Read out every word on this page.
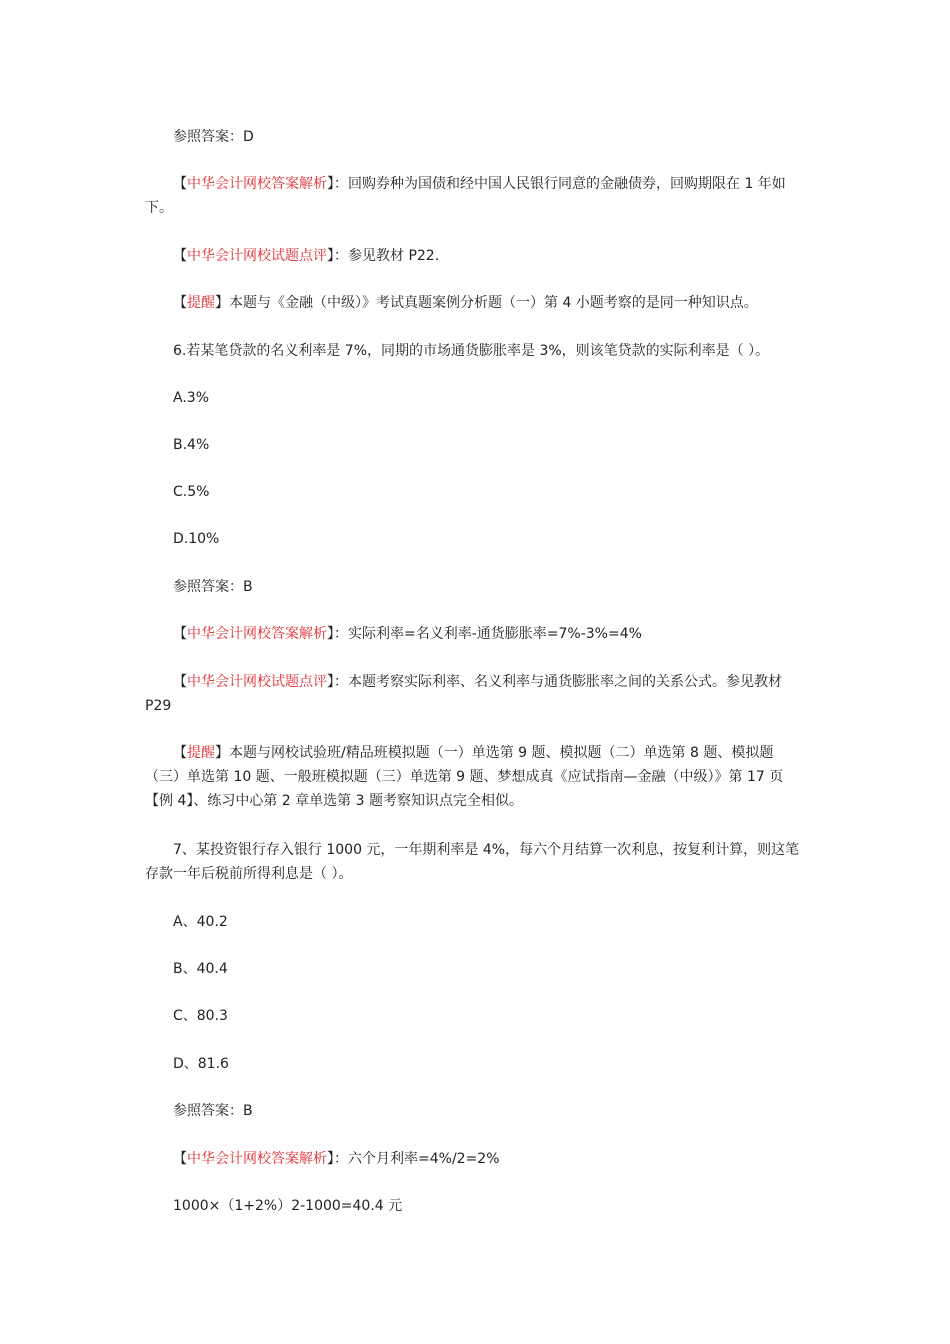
参照答案：D

【中华会计网校答案解析】：回购券种为国债和经中国人民银行同意的金融债券，回购期限在 1 年如下。

【中华会计网校试题点评】：参见教材 P22.

【提醒】本题与《金融（中级）》考试真题案例分析题（一）第 4 小题考察的是同一种知识点。

6.若某笔贷款的名义利率是 7%，同期的市场通货膨胀率是 3%，则该笔贷款的实际利率是（ ）。

A.3%

B.4%

C.5%

D.10%

参照答案：B

【中华会计网校答案解析】：实际利率=名义利率-通货膨胀率=7%-3%=4%

【中华会计网校试题点评】：本题考察实际利率、名义利率与通货膨胀率之间的关系公式。参见教材 P29

【提醒】本题与网校试验班/精品班模拟题（一）单选第 9 题、模拟题（二）单选第 8 题、模拟题（三）单选第 10 题、一般班模拟题（三）单选第 9 题、梦想成真《应试指南—金融（中级）》第 17 页【例 4】、练习中心第 2 章单选第 3 题考察知识点完全相似。

7、某投资银行存入银行 1000 元，一年期利率是 4%，每六个月结算一次利息，按复利计算，则这笔存款一年后税前所得利息是（ ）。

A、40.2

B、40.4

C、80.3

D、81.6

参照答案：B

【中华会计网校答案解析】：六个月利率=4%/2=2%

1000×（1+2%）2-1000=40.4 元
